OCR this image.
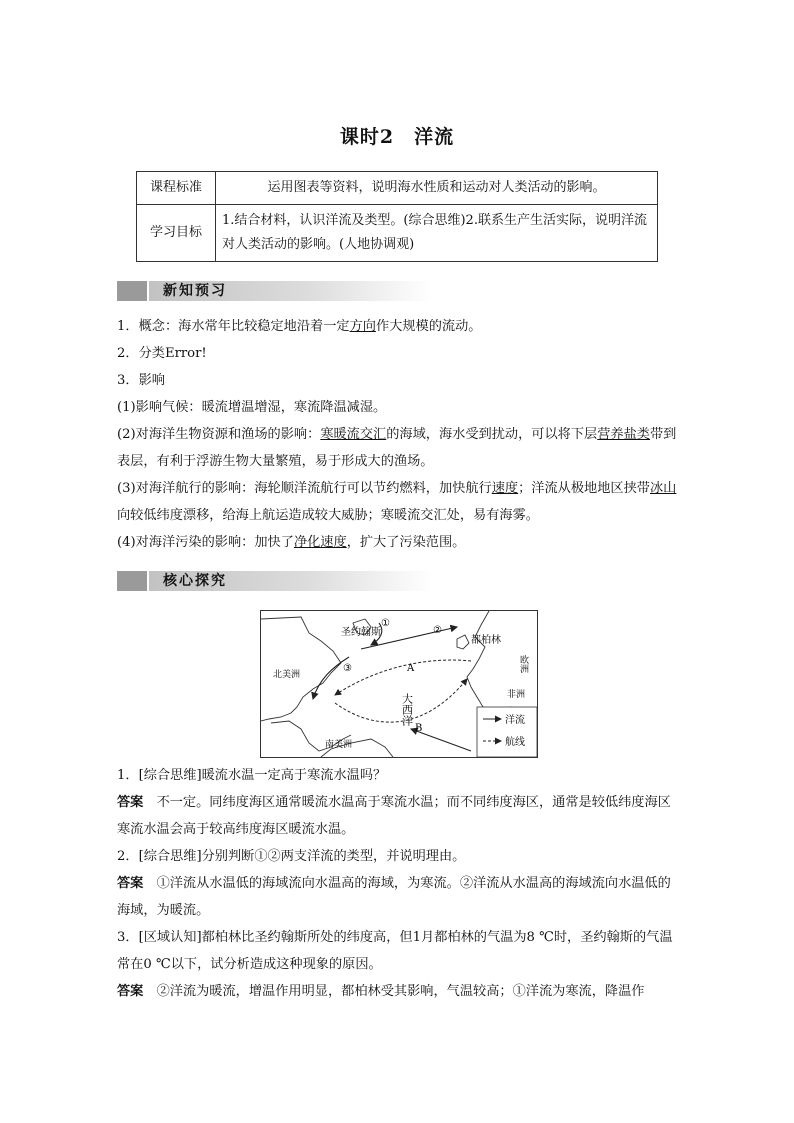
课时2　洋流
课程标准	运用图表等资料，说明海水性质和运动对人类活动的影响。
学习目标	1.结合材料，认识洋流及类型。(综合思维)2.联系生产生活实际，说明洋流对人类活动的影响。(人地协调观)
新知预习
1．概念：海水常年比较稳定地沿着一定方向作大规模的流动。
2．分类Error!
3．影响
(1)影响气候：暖流增温增湿，寒流降温减湿。
(2)对海洋生物资源和渔场的影响：寒暖流交汇的海域，海水受到扰动，可以将下层营养盐类带到表层，有利于浮游生物大量繁殖，易于形成大的渔场。
(3)对海洋航行的影响：海轮顺洋流航行可以节约燃料，加快航行速度；洋流从极地地区挟带冰山向较低纬度漂移，给海上航运造成较大威胁；寒暖流交汇处，易有海雾。
(4)对海洋污染的影响：加快了净化速度，扩大了污染范围。
核心探究
圣约翰斯
①
②
③
都柏林
A
B
大西洋
北美洲
南美洲
非洲
欧洲
洋流
航线
1．[综合思维]暖流水温一定高于寒流水温吗？
答案　 不一定。同纬度海区通常暖流水温高于寒流水温；而不同纬度海区，通常是较低纬度海区寒流水温会高于较高纬度海区暖流水温。
2．[综合思维]分别判断①②两支洋流的类型，并说明理由。
答案　 ①洋流从水温低的海域流向水温高的海域，为寒流。②洋流从水温高的海域流向水温低的海域，为暖流。
3．[区域认知]都柏林比圣约翰斯所处的纬度高，但1月都柏林的气温为8 ℃时，圣约翰斯的气温常在0 ℃以下，试分析造成这种现象的原因。
答案　 ②洋流为暖流，增温作用明显，都柏林受其影响，气温较高；①洋流为寒流，降温作
